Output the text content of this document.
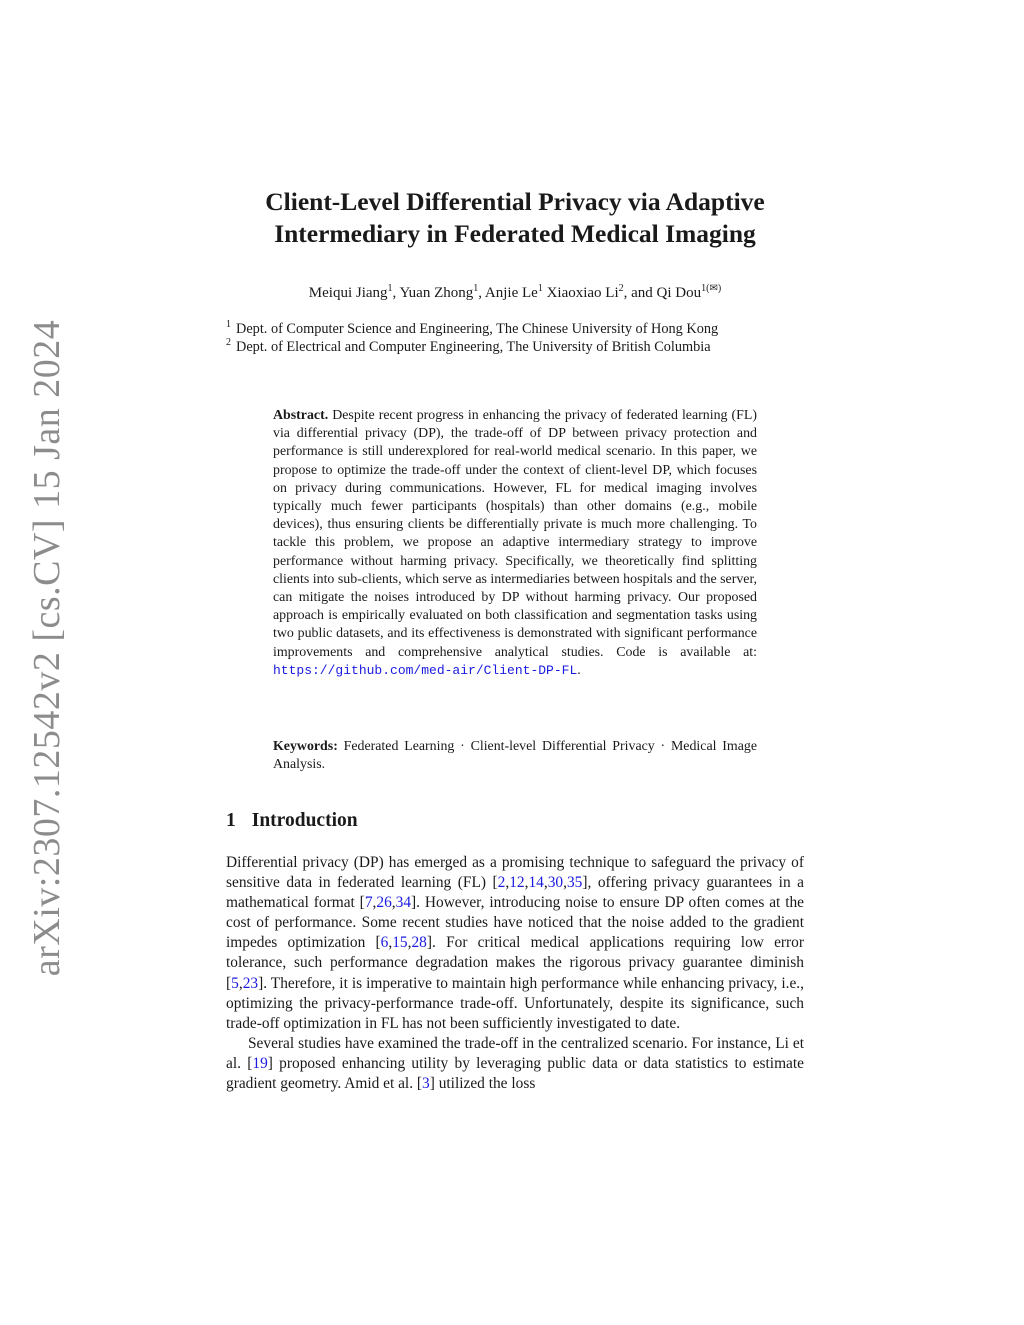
arXiv:2307.12542v2 [cs.CV] 15 Jan 2024
Client-Level Differential Privacy via Adaptive
Intermediary in Federated Medical Imaging
Meiqui Jiang$^1$, Yuan Zhong$^1$, Anjie Le$^1$ Xiaoxiao Li$^2$, and Qi Dou$^{1(✉)}$
$^1$ Dept. of Computer Science and Engineering, The Chinese University of Hong Kong
$^2$ Dept. of Electrical and Computer Engineering, The University of British Columbia

Abstract. Despite recent progress in enhancing the privacy of federated learning (FL) via differential privacy (DP), the trade-off of DP between privacy protection and performance is still underexplored for real-world medical scenario. In this paper, we propose to optimize the trade-off under the context of client-level DP, which focuses on privacy during communications. However, FL for medical imaging involves typically much fewer participants (hospitals) than other domains (e.g., mobile devices), thus ensuring clients be differentially private is much more challenging. To tackle this problem, we propose an adaptive intermediary strategy to improve performance without harming privacy. Specifically, we theoretically find splitting clients into sub-clients, which serve as intermediaries between hospitals and the server, can mitigate the noises introduced by DP without harming privacy. Our proposed approach is empirically evaluated on both classification and segmentation tasks using two public datasets, and its effectiveness is demonstrated with significant performance improvements and comprehensive analytical studies. Code is available at: https://github.com/med-air/Client-DP-FL.

Keywords: Federated Learning · Client-level Differential Privacy · Medical Image Analysis.

1 Introduction

Differential privacy (DP) has emerged as a promising technique to safeguard the privacy of sensitive data in federated learning (FL) [2,12,14,30,35], offering privacy guarantees in a mathematical format [7,26,34]. However, introducing noise to ensure DP often comes at the cost of performance. Some recent studies have noticed that the noise added to the gradient impedes optimization [6,15,28]. For critical medical applications requiring low error tolerance, such performance degradation makes the rigorous privacy guarantee diminish [5,23]. Therefore, it is imperative to maintain high performance while enhancing privacy, i.e., optimizing the privacy-performance trade-off. Unfortunately, despite its significance, such trade-off optimization in FL has not been sufficiently investigated to date.

Several studies have examined the trade-off in the centralized scenario. For instance, Li et al. [19] proposed enhancing utility by leveraging public data or data statistics to estimate gradient geometry. Amid et al. [3] utilized the loss
